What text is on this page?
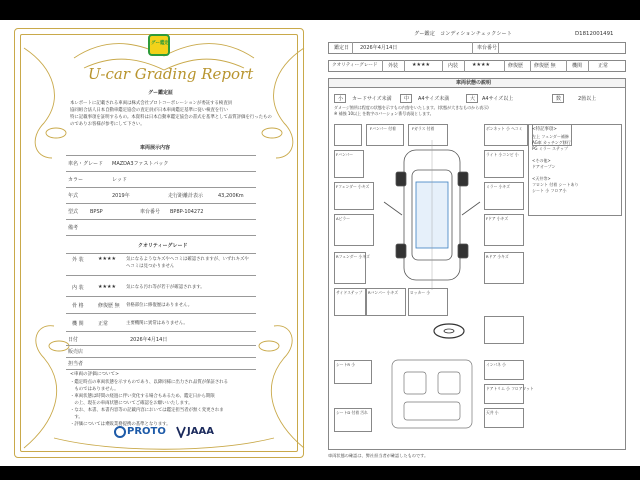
グー鑑定
U-car Grading Report
グー鑑定証
本レポートに記載される車両は株式会社プロトコーポレーションが委託する検査員
協同組合法人日本自動車鑑定協会の査定員が日本車両鑑定基準に従い検査を行い
特に記載事項を証明するもの。本資料は日本自動車鑑定協会の書式を基準として品質評価を行ったもの
のでありお客様が参考にして下さい。
車両展示内容
車名・グレード MAZDA3ファストバック
カラー	レッド
年式	2019年	走行距離計表示	43,200Km
型式 BPSP	車台番号 BP8P-104272
備考
クオリティーグレード
外 装	★★★★ 気になるようなキズやヘコミは確認されますが、いずれキズや
ヘコミは見つかりません
内 装	★★★★ 気になる汚れ等が若干が確認されます。
骨 格	修復歴 無 骨格部位に修復歴はありません。
機 関	正常	主要機関に異常はありません。
日付	2026年4月14日
販売店
担当者
<車両の評価について>
・鑑定時点の車両状態を示すものであり、以降同様に出力され品質が保証される
　ものではありません。
・車両状態は時間の経過に伴い変化する場合もあるため、鑑定日から期限
　の上、現在の車両状態についてご確認をお願いいたします。
・なお、本書、本書内容等の記載内容においては鑑定担当者が無く変更されま
　す。
・評価については乗販業務提携の基準となります。
PROTO JAAA
グー鑑定　コンディションチェックシート	D1812001491
鑑定日 2026年4月14日	車台番号
クオリティーグレード 外装	★★★★	内装	★★★★	修復歴 修復歴 無	機関	正常
車両状態の説明
小 カードサイズ未満 中 A4サイズ未満	大 A4サイズ以上	数	2箇以上
ダメージ箇所は程度の状態を示すもの内容をいたします。(状態が大きなものから表示)
※ 補強 10以上 を数字のバーション番号表現とします。
Fバンパー 付着	Fガラス 付着	ボンネット 小 ヘコミ
Fバンパー	ライト 小コンビ 小
Fフェンダー 小キズ	ミラー 小キズ
Aピラー	Fドア 小キズ
Rドア 小キズ
Rフェンダー 小キズ
サイドステップ Rバンパー 小キズ	ロッカー 小
シートR 小	インパネ 小
ドアトリム 小 フロアマット
シートD 付着 汚れ	天井 小
<特記事項>
左上 フェンダー補修
AG車 カッチング移行
PG ミラー ステップ
<その他>
ドアオープン
<天井等>
フロント 付着 シートあり
シート 小 フロア小
車両状態の確認は、弊社担当者が確認したものです。
